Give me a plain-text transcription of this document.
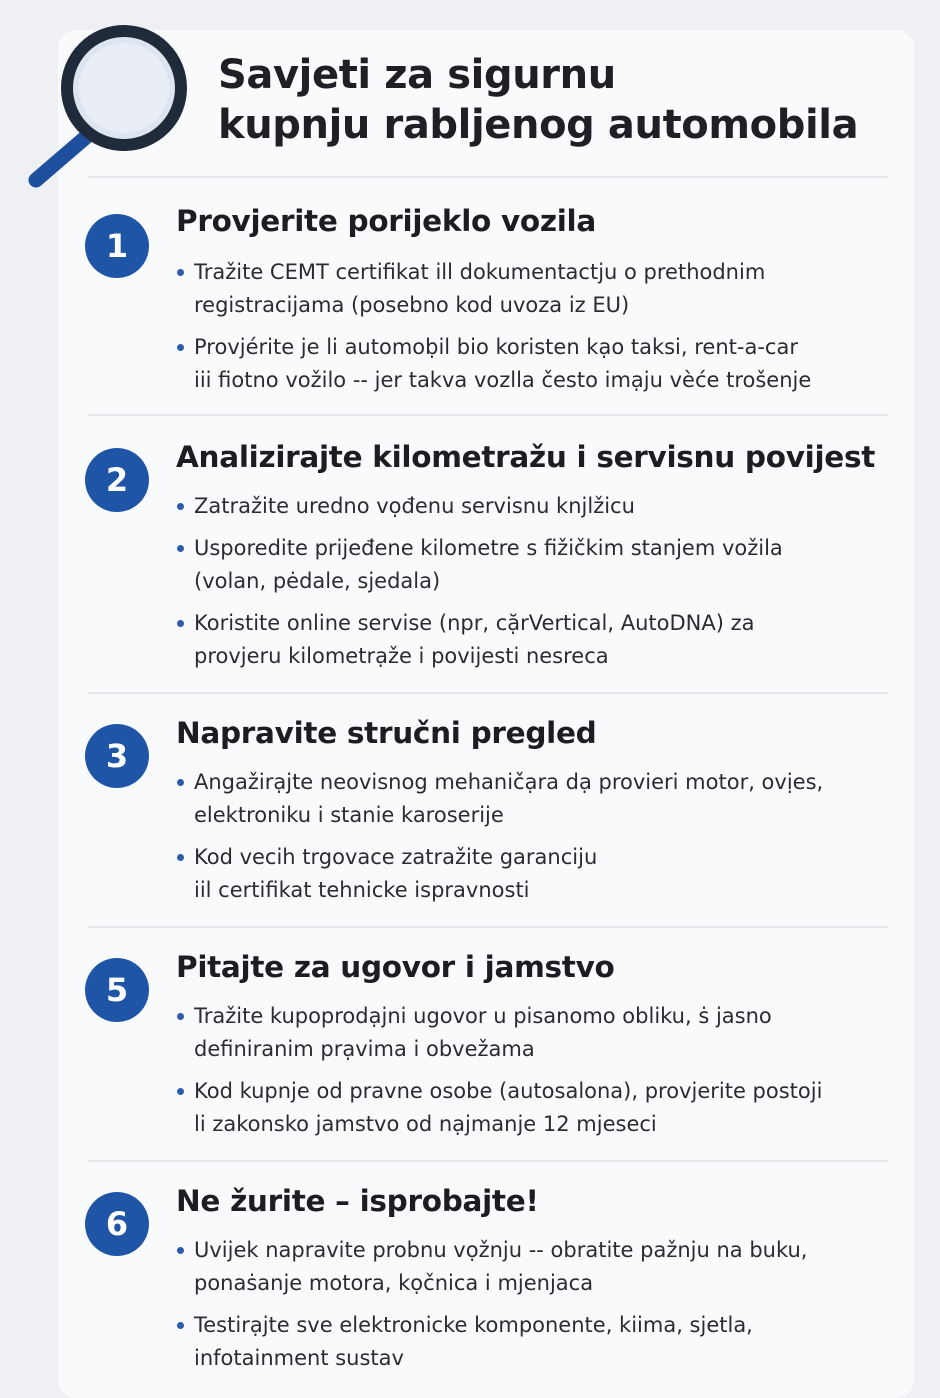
Savjeti za sigurnu
kupnju rabljenog automobila
1
Provjerite porijeklo vozila
Tražite CEMT certifikat ill dokumentactju o prethodnim
registracijama (posebno kod uvoza iz EU)
Provjérite je li automoḅil bio koristen kạo taksi, rent-a-car
iii fiotno vožilo -- jer takva vozlla često imạju vèće trošenje
2
Analizirajte kilometražu i servisnu povijest
Zatražite uredno vọđenu servisnu knjlžicu
Usporedite prijeđene kilometre s fižičkim stanjem vožila
(volan, pėdale, sjedala)
Koristite online servise (npr, cặrVertical, AutoDNA) za
provjeru kilometrạže i povijesti nesreca
3
Napravite stručni pregled
Angažirạjte neovisnog mehaničạra dạ provieri motor, ovịes,
elektroniku i stanie karoserije
Kod vecih trgovace zatražite garanciju
iil certifikat tehnicke ispravnosti
5
Pitajte za ugovor i jamstvo
Tražite kupoprodạjni ugovor u pisanomo obliku, ṡ jasno
definiranim prạvima i obvežama
Kod kupnje od pravne osobe (autosalona), provjerite postoji
li zakonsko jamstvo od nạjmanje 12 mjeseci
6
Ne žurite – isprobajte!
Uvijek napravite probnu vọžnju -- obratite pažnju na buku,
ponaṡanje motora, kọčnica i mjenjaca
Testirạjte sve elektronicke komponente, kiima, sjetla,
infotainment sustav
